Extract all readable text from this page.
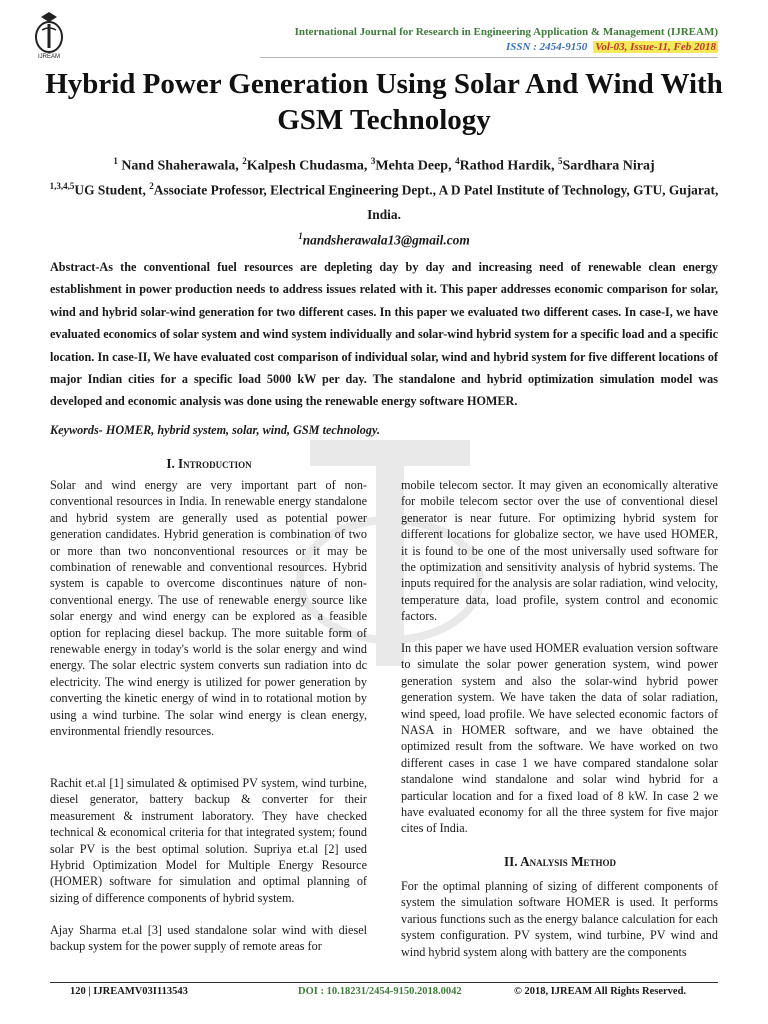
IJREAM
International Journal for Research in Engineering Application & Management (IJREAM)
ISSN : 2454-9150 Vol-03, Issue-11, Feb 2018
Hybrid Power Generation Using Solar And Wind With GSM Technology
$^1$ Nand Shaherawala, $^2$Kalpesh Chudasma, $^3$Mehta Deep, $^4$Rathod Hardik, $^5$Sardhara Niraj
$^{1,3,4,5}$UG Student, $^2$Associate Professor, Electrical Engineering Dept., A D Patel Institute of Technology, GTU, Gujarat, India.
$^1$nandsherawala13@gmail.com
Abstract-As the conventional fuel resources are depleting day by day and increasing need of renewable clean energy establishment in power production needs to address issues related with it. This paper addresses economic comparison for solar, wind and hybrid solar-wind generation for two different cases. In this paper we evaluated two different cases. In case-I, we have evaluated economics of solar system and wind system individually and solar-wind hybrid system for a specific load and a specific location. In case-II, We have evaluated cost comparison of individual solar, wind and hybrid system for five different locations of major Indian cities for a specific load 5000 kW per day. The standalone and hybrid optimization simulation model was developed and economic analysis was done using the renewable energy software HOMER.
Keywords- HOMER, hybrid system, solar, wind, GSM technology.
I. Introduction

Solar and wind energy are very important part of non-conventional resources in India. In renewable energy standalone and hybrid system are generally used as potential power generation candidates. Hybrid generation is combination of two or more than two nonconventional resources or it may be combination of renewable and conventional resources. Hybrid system is capable to overcome discontinues nature of non-conventional energy. The use of renewable energy source like solar energy and wind energy can be explored as a feasible option for replacing diesel backup. The more suitable form of renewable energy in today's world is the solar energy and wind energy. The solar electric system converts sun radiation into dc electricity. The wind energy is utilized for power generation by converting the kinetic energy of wind in to rotational motion by using a wind turbine. The solar wind energy is clean energy, environmental friendly resources.

Rachit et.al [1] simulated & optimised PV system, wind turbine, diesel generator, battery backup & converter for their measurement & instrument laboratory. They have checked technical & economical criteria for that integrated system; found solar PV is the best optimal solution. Supriya et.al [2] used Hybrid Optimization Model for Multiple Energy Resource (HOMER) software for simulation and optimal planning of sizing of difference components of hybrid system.

Ajay Sharma et.al [3] used standalone solar wind with diesel backup system for the power supply of remote areas for

mobile telecom sector. It may given an economically alterative for mobile telecom sector over the use of conventional diesel generator is near future. For optimizing hybrid system for different locations for globalize sector, we have used HOMER, it is found to be one of the most universally used software for the optimization and sensitivity analysis of hybrid systems. The inputs required for the analysis are solar radiation, wind velocity, temperature data, load profile, system control and economic factors.

In this paper we have used HOMER evaluation version software to simulate the solar power generation system, wind power generation system and also the solar-wind hybrid power generation system. We have taken the data of solar radiation, wind speed, load profile. We have selected economic factors of NASA in HOMER software, and we have obtained the optimized result from the software. We have worked on two different cases in case 1 we have compared standalone solar standalone wind standalone and solar wind hybrid for a particular location and for a fixed load of 8 kW. In case 2 we have evaluated economy for all the three system for five major cites of India.

II. Analysis Method

For the optimal planning of sizing of different components of system the simulation software HOMER is used. It performs various functions such as the energy balance calculation for each system configuration. PV system, wind turbine, PV wind and wind hybrid system along with battery are the components

120 | IJREAMV03I113543	DOI : 10.18231/2454-9150.2018.0042	© 2018, IJREAM All Rights Reserved.
